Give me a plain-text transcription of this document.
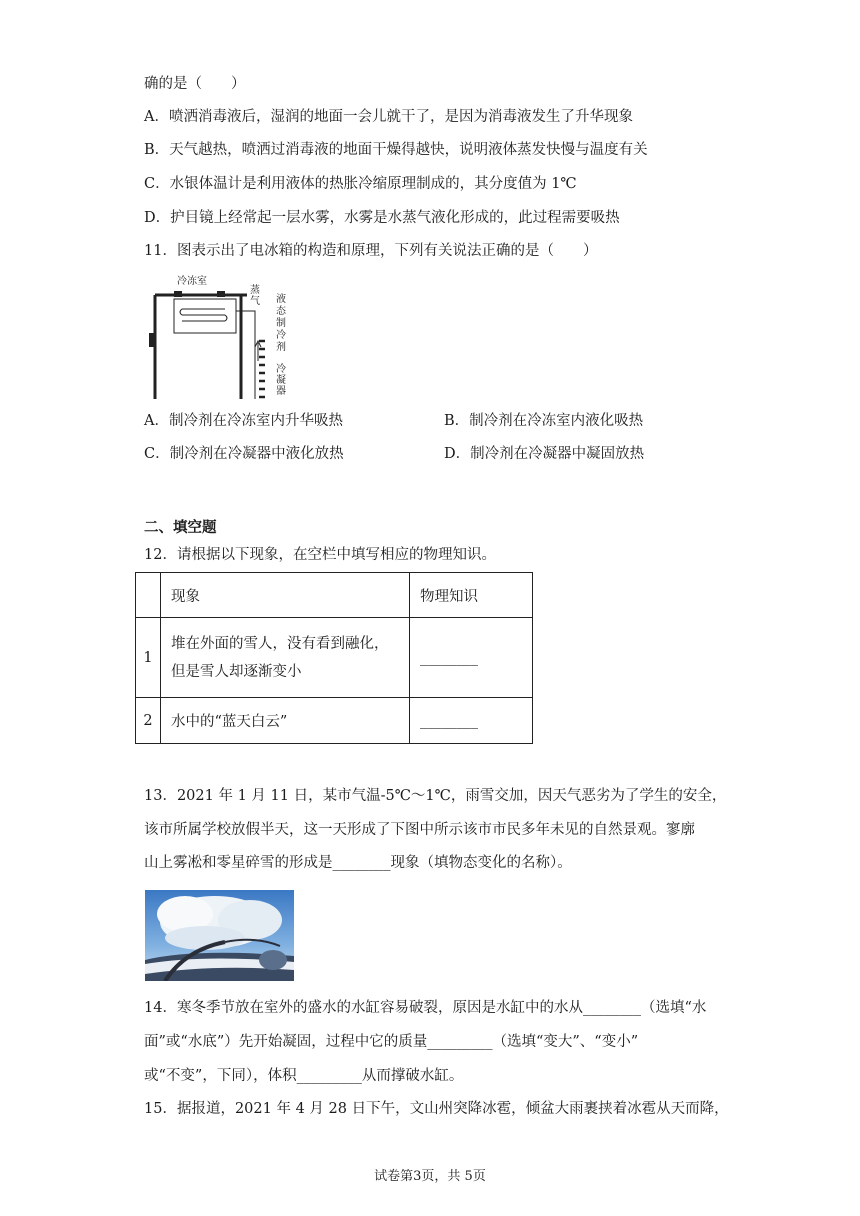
确的是（　　）
A．喷洒消毒液后，湿润的地面一会儿就干了，是因为消毒液发生了升华现象
B．天气越热，喷洒过消毒液的地面干燥得越快，说明液体蒸发快慢与温度有关
C．水银体温计是利用液体的热胀冷缩原理制成的，其分度值为 1℃
D．护目镜上经常起一层水雾，水雾是水蒸气液化形成的，此过程需要吸热
11．图表示出了电冰箱的构造和原理，下列有关说法正确的是（　　）
冷冻室
蒸气 液态制冷剂
冷凝器
A．制冷剂在冷冻室内升华吸热	B．制冷剂在冷冻室内液化吸热
C．制冷剂在冷凝器中液化放热	D．制冷剂在冷凝器中凝固放热
二、填空题
12．请根据以下现象，在空栏中填写相应的物理知识。
	现象	物理知识
1	堆在外面的雪人，没有看到融化，
但是雪人却逐渐变小	________
2	水中的“蓝天白云”	________
13．2021 年 1 月 11 日，某市气温-5℃～1℃，雨雪交加，因天气恶劣为了学生的安全，
该市所属学校放假半天，这一天形成了下图中所示该市市民多年未见的自然景观。寥廓
山上雾凇和零星碎雪的形成是________现象（填物态变化的名称）。
14．寒冬季节放在室外的盛水的水缸容易破裂，原因是水缸中的水从________（选填“水
面”或“水底”）先开始凝固，过程中它的质量_________（选填“变大”、“变小”
或“不变”，下同），体积_________从而撑破水缸。
15．据报道，2021 年 4 月 28 日下午，文山州突降冰雹，倾盆大雨裹挟着冰雹从天而降，
试卷第3页，共 5页
